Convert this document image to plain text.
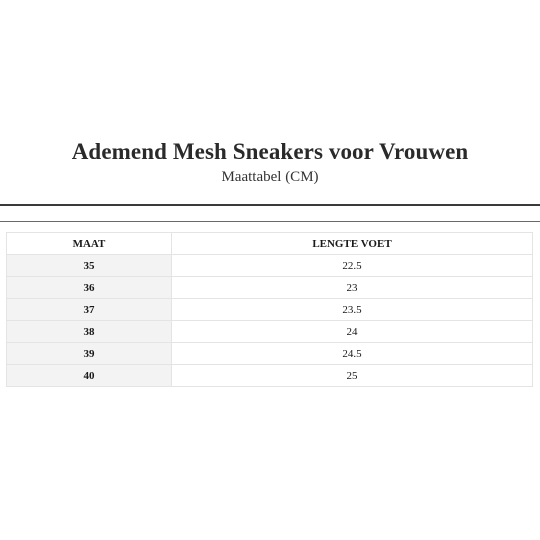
Ademend Mesh Sneakers voor Vrouwen
Maattabel (CM)
MAAT	LENGTE VOET
35	22.5
36	23
37	23.5
38	24
39	24.5
40	25
